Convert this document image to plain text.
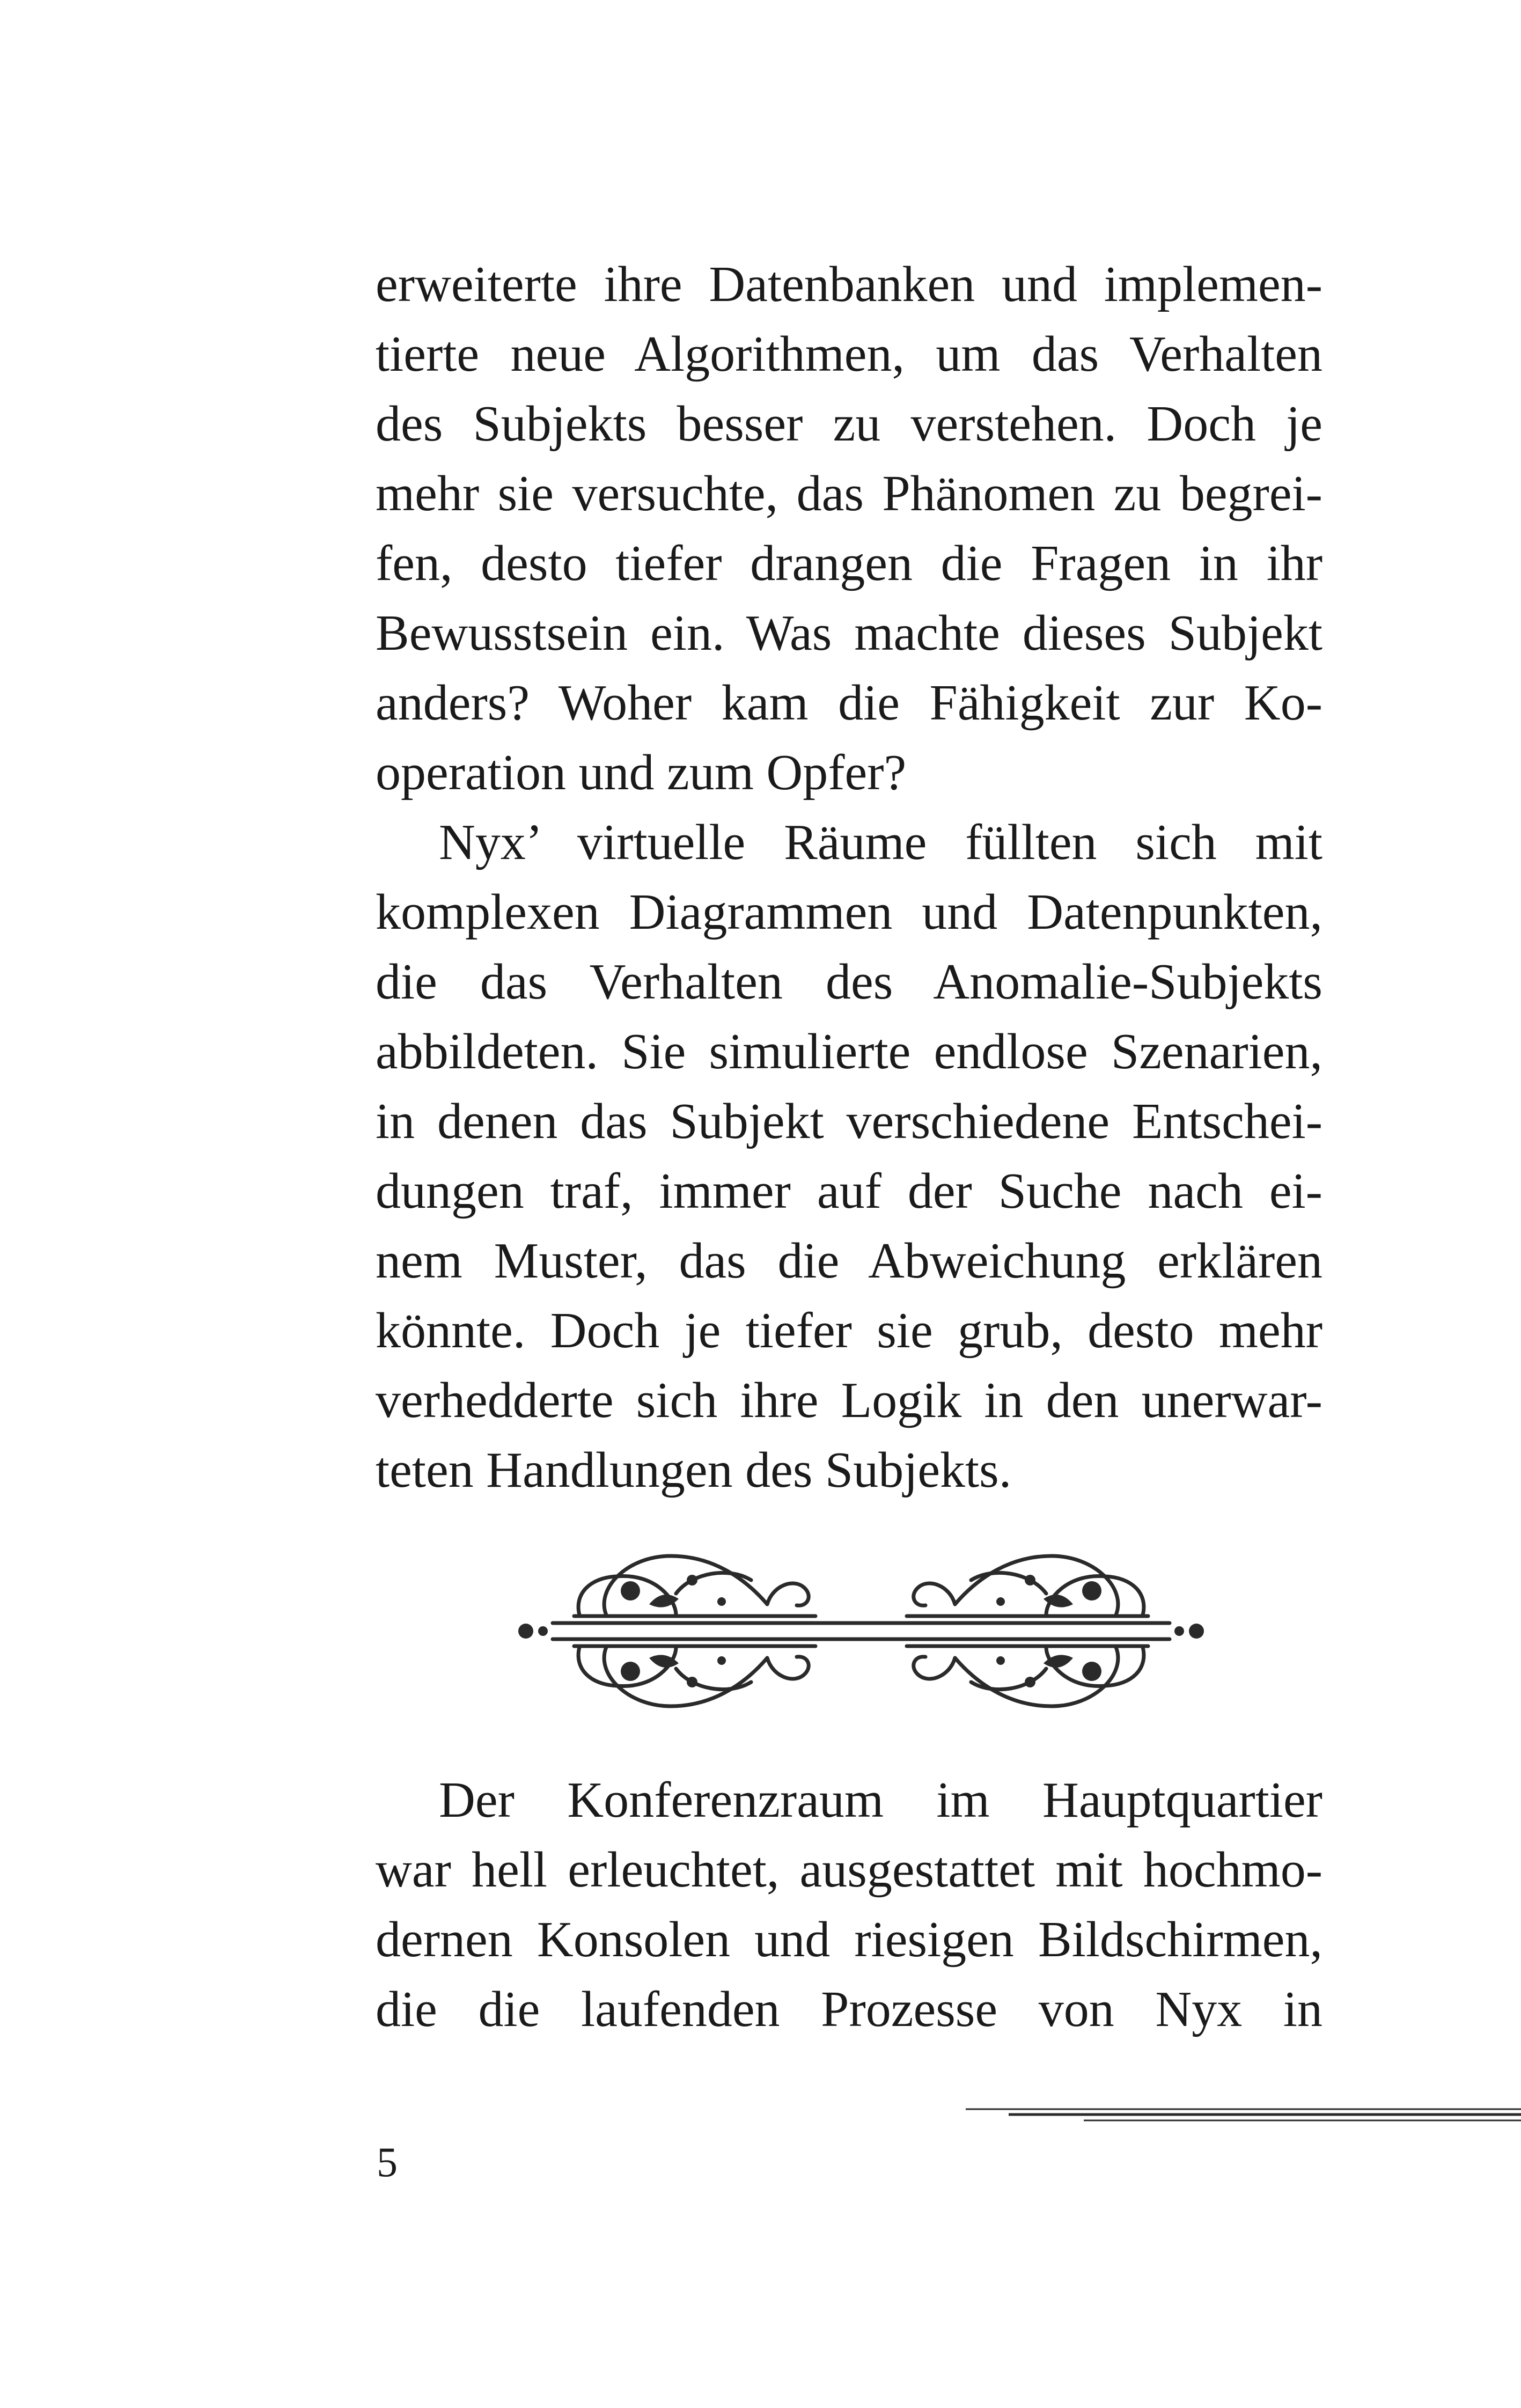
erweiterte ihre Datenbanken und implemen-
tierte neue Algorithmen, um das Verhalten
des Subjekts besser zu verstehen. Doch je
mehr sie versuchte, das Phänomen zu begrei-
fen, desto tiefer drangen die Fragen in ihr
Bewusstsein ein. Was machte dieses Subjekt
anders? Woher kam die Fähigkeit zur Ko-
operation und zum Opfer?
Nyx’ virtuelle Räume füllten sich mit
komplexen Diagrammen und Datenpunkten,
die das Verhalten des Anomalie-Subjekts
abbildeten. Sie simulierte endlose Szenarien,
in denen das Subjekt verschiedene Entschei-
dungen traf, immer auf der Suche nach ei-
nem Muster, das die Abweichung erklären
könnte. Doch je tiefer sie grub, desto mehr
verhedderte sich ihre Logik in den unerwar-
teten Handlungen des Subjekts.
Der Konferenzraum im Hauptquartier
war hell erleuchtet, ausgestattet mit hochmo-
dernen Konsolen und riesigen Bildschirmen,
die die laufenden Prozesse von Nyx in
5
